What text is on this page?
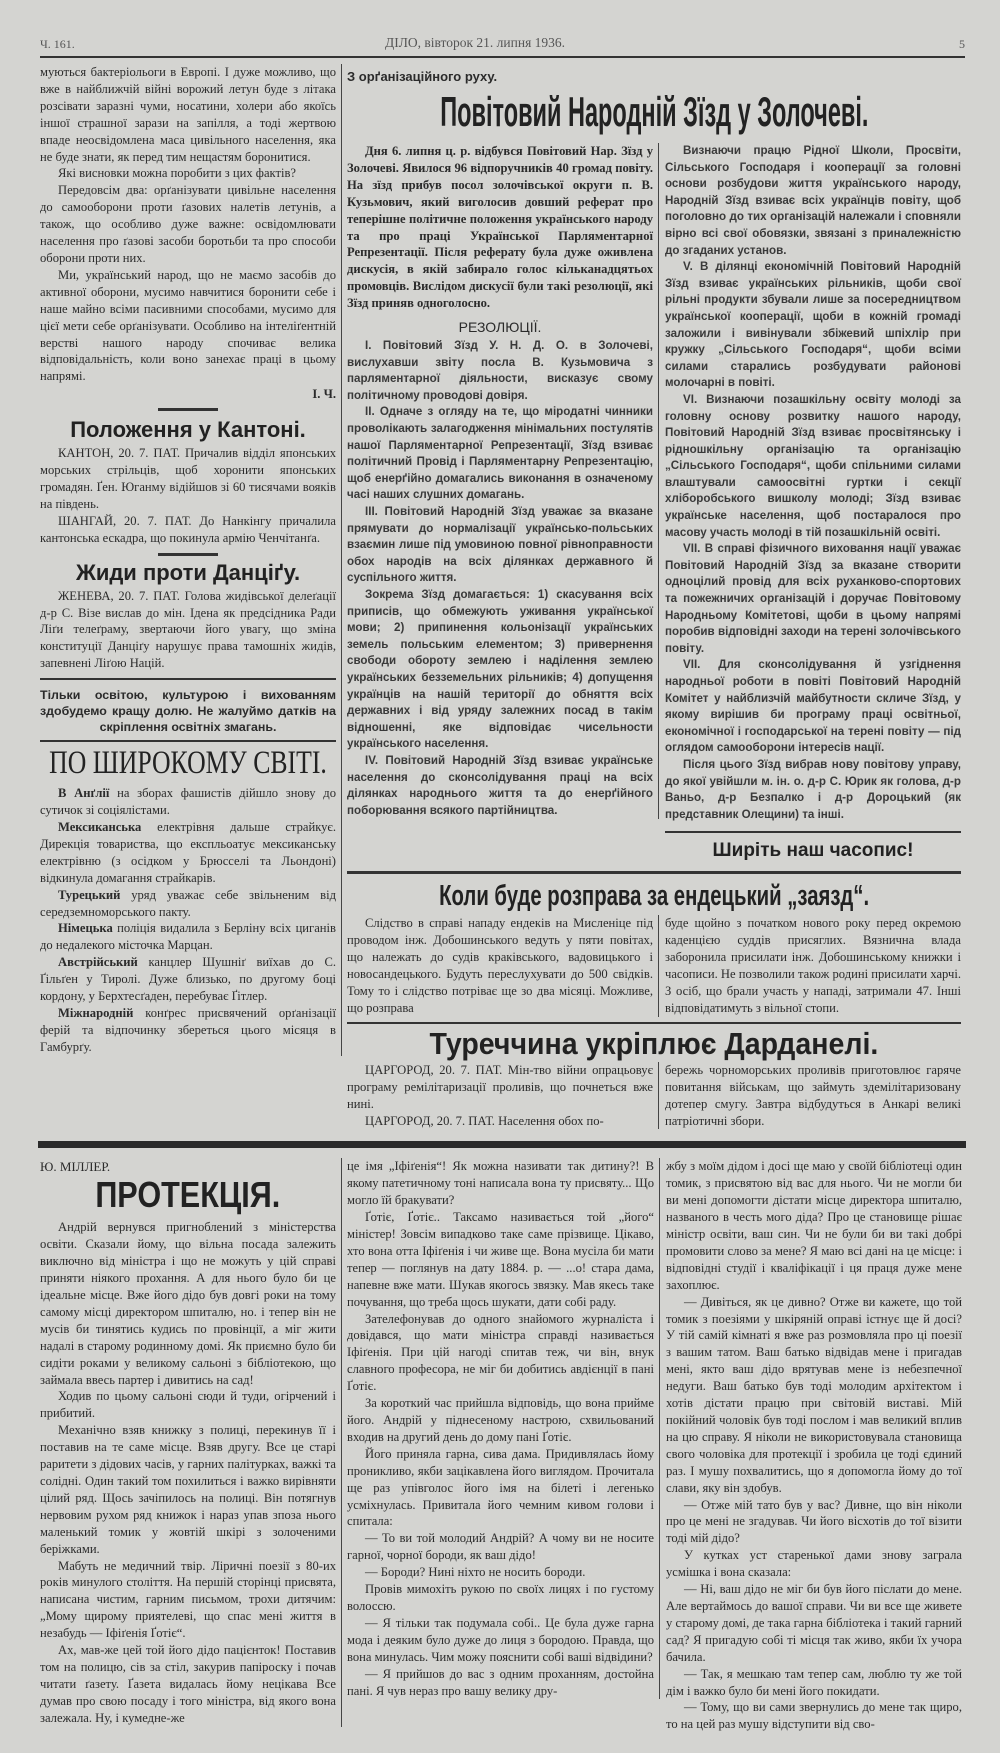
Ч. 161.	ДІЛО, вівторок 21. липня 1936.	5

муються бактеріольоги в Европі. І дуже можливо, що вже в найближчій війні ворожий летун буде з літака розсівати заразні чуми, носатини, холери або якоїсь іншої страшної зарази на запілля, а тоді жертвою впаде неосвідомлена маса цивільного населення, яка не буде знати, як перед тим нещастям боронитися.

Які висновки можна поробити з цих фактів?

Передовсім два: орґанізувати цивільне населення до самооборони проти ґазових налетів летунів, а також, що особливо дуже важне: освідомлювати населення про ґазові засоби боротьби та про способи оборони проти них.

Ми, український народ, що не маємо засобів до активної оборони, мусимо навчитися боронити себе і наше майно всіми пасивними способами, мусимо для цієї мети себе орґанізувати. Особливо на інтеліґентній верстві нашого народу спочиває велика відповідальність, коли воно занехає праці в цьому напрямі.

І. Ч.
Положення у Кантоні.

КАНТОН, 20. 7. ПАТ. Причалив відділ японських морських стрільців, щоб хоронити японських громадян. Ґен. Юганму відійшов зі 60 тисячами вояків на південь.

ШАНГАЙ, 20. 7. ПАТ. До Нанкінгу причалила кантонська ескадра, що покинула армію Ченчітанґа.

Жиди проти Данціґу.

ЖЕНЕВА, 20. 7. ПАТ. Голова жидівської делеґації д-р С. Візе вислав до мін. Ідена як предсідника Ради Ліґи телеґраму, звертаючи його увагу, що зміна конституції Данціґу нарушує права тамошніх жидів, запевнені Ліґою Націй.

Тільки освітою, культурою і вихованням здобудемо кращу долю. Не жалуймо датків на скріплення освітніх змагань.
ПО ШИРОКОМУ СВІТІ.

В Анґлії на зборах фашистів дійшло знову до сутичок зі соціялістами.

Мексиканська електрівня дальше страйкує. Дирекція товариства, що експльоатує мексиканську електрівню (з осідком у Брюсселі та Льондоні) відкинула домагання страйкарів.

Турецький уряд уважає себе звільненим від середземноморського пакту.

Німецька поліція видалила з Берліну всіх циганів до недалекого місточка Марцан.

Австрійський канцлер Шушніґ виїхав до С. Ґільґен у Тиролі. Дуже близько, по другому боці кордону, у Берхтесґаден, перебуває Ґітлер.

Міжнародній конґрес присвячений орґанізації ферій та відпочинку збереться цього місяця в Гамбурґу.

З орґанізаційного руху.
Повітовий Народній Зїзд у Золочеві.

Дня 6. липня ц. р. відбувся Повітовий Нар. Зїзд у Золочеві. Явилося 96 відпоручників 40 громад повіту. На зїзд прибув посол золочівської округи п. В. Кузьмович, який виголосив довший реферат про теперішне політичне положення українського народу та про праці Української Парляментарної Репрезентації. Після реферату була дуже оживлена дискусія, в якій забирало голос кільканадцятьох промовців. Вислідом дискусії були такі резолюції, які Зїзд приняв одноголосно.

РЕЗОЛЮЦІЇ.

І. Повітовий Зїзд У. Н. Д. О. в Золочеві, вислухавши звіту посла В. Кузьмовича з парляментарної діяльности, висказує свому політичному проводові довіря.

ІІ. Одначе з огляду на те, що міродатні чинники проволікають залагодження мінімальних постулятів нашої Парляментарної Репрезентації, Зїзд взиває політичний Провід і Парляментарну Репрезентацію, щоб енерґійно домагались виконання в означеному часі наших слушних домагань.

ІІІ. Повітовий Народній Зїзд уважає за вказане прямувати до нормалізації українсько-польських взаємин лише під умовиною повної рівноправности обох народів на всіх ділянках державного й суспільного життя.

Зокрема Зїзд домагається: 1) скасування всіх приписів, що обмежують уживання української мови; 2) припинення кольонізації українських земель польським елементом; 3) привернення свободи обороту землею і наділення землею українських безземельних рільників; 4) допущення українців на нашій території до обняття всіх державних і від уряду залежних посад в такім відношенні, яке відповідає чисельности українського населення.

IV. Повітовий Народній Зїзд взиває українське населення до сконсолідування праці на всіх ділянках народнього життя та до енерґійного поборювання всякого партійництва.

Визнаючи працю Рідної Школи, Просвіти, Сільського Господаря і кооперації за головні основи розбудови життя українського народу, Народній Зїзд взиває всіх українців повіту, щоб поголовно до тих організацій належали і сповняли вірно всі свої обовязки, звязані з приналежністю до згаданих установ.

V. В ділянці економічній Повітовий Народній Зїзд взиває українських рільників, щоби свої рільні продукти збували лише за посередництвом української кооперації, щоби в кожній громаді заложили і вивінували збіжевий шпіхлір при кружку „Сільського Господаря“, щоби всіми силами старались розбудувати районові молочарні в повіті.

VI. Визнаючи позашкільну освіту молоді за головну основу розвитку нашого народу, Повітовий Народній Зїзд взиває просвітянську і рідношкільну організацію та організацію „Сільського Господаря“, щоби спільними силами влаштували самоосвітні гуртки і секції хліборобського вишколу молоді; Зїзд взиває українське населення, щоб постаралося про масову участь молоді в тій позашкільній освіті.

VII. В справі фізичного виховання нації уважає Повітовий Народній Зїзд за вказане створити одноцілий провід для всіх руханково-спортових та пожежничих організацій і доручає Повітовому Народньому Комітетові, щоби в цьому напрямі поробив відповідні заходи на терені золочівського повіту.

VII. Для сконсолідування й узгіднення народньої роботи в повіті Повітовий Народній Комітет у найблизчій майбутности скличе Зїзд, у якому вирішив би програму праці освітньої, економічної і господарської на терені повіту — під оглядом самооборони інтересів нації.

Після цього Зїзд вибрав нову повітову управу, до якої увійшли м. ін. о. д-р С. Юрик як голова, д-р Ваньо, д-р Безпалко і д-р Дороцький (як представник Олещини) та інші.

Ширіть наш часопис!
Коли буде розправа за ендецький „заязд“.

Слідство в справі нападу ендеків на Мисленіце під проводом інж. Добошинського ведуть у пяти повітах, що належать до судів краківського, вадовицького і новосандецького. Будуть переслухувати до 500 свідків. Тому то і слідство потріває ще зо два місяці. Можливе, що розправа

буде щойно з початком нового року перед окремою каденцією суддів присяглих. Вязнична влада заборонила присилати інж. Добошинському книжки і часописи. Не позволили також родині присилати харчі. З осіб, що брали участь у нападі, затримали 47. Інші відповідатимуть з вільної стопи.

Туреччина укріплює Дарданелі.

ЦАРГОРОД, 20. 7. ПАТ. Мін-тво війни опрацьовує програму ремілітаризації проливів, що почнеться вже нині.

ЦАРГОРОД, 20. 7. ПАТ. Населення обох по-

бережь чорноморських проливів приготовлює гаряче повитання військам, що займуть здемілітаризовану дотепер смугу. Завтра відбудуться в Анкарі великі патріотичні збори.

Ю. МІЛЛЕР.
ПРОТЕКЦІЯ.

Андрій вернувся пригноблений з міністерства освіти. Сказали йому, що вільна посада залежить виключно від міністра і що не можуть у цій справі приняти ніякого прохання. А для нього було би це ідеальне місце. Вже його дідо був довгі роки на тому самому місці директором шпиталю, но. і тепер він не мусів би тинятись кудись по провінції, а міг жити надалі в старому родинному домі. Як приємно було би сидіти роками у великому сальоні з бібліотекою, що займала ввесь партер і дивитись на сад!

Ходив по цьому сальоні сюди й туди, огірчений і прибитий.

Механічно взяв книжку з полиці, перекинув її і поставив на те саме місце. Взяв другу. Все це старі раритети з дідових часів, у гарних палітурках, важкі та солідні. Один такий том похилиться і важко вирівняти цілий ряд. Щось зачіпилось на полиці. Він потягнув нервовим рухом ряд книжок і нараз упав зпоза нього маленький томик у жовтій шкірі з золоченими беріжками.

Мабуть не медичний твір. Ліричні поезії з 80-их років минулого століття. На першій сторінці присвята, написана чистим, гарним письмом, трохи дитячим: „Мому щирому приятелеві, що спас мені життя в незабудь — Іфіґенія Ґотіє“.

Ах, мав-же цей той його дідо пацієнток! Поставив том на полицю, сів за стіл, закурив папіроску і почав читати ґазету. Ґазета видалась йому нецікава Все думав про свою посаду і того міністра, від якого вона залежала. Ну, і кумедне-же

це імя „Іфіґенія“! Як можна називати так дитину?! В якому патетичному тоні написала вона ту присвяту... Що могло їй бракувати?

Ґотіє, Ґотіє.. Таксамо називається той „його“ міністер! Зовсім випадково таке саме прізвище. Цікаво, хто вона отта Іфіґенія і чи живе ще. Вона мусіла би мати тепер — поглянув на дату 1884. р. — ...о! стара дама, напевне вже мати. Шукав якогось звязку. Мав якесь таке почування, що треба щось шукати, дати собі раду.

Зателефонував до одного знайомого журналіста і довідався, що мати міністра справді називається Іфіґенія. При цій нагоді спитав теж, чи він, внук славного професора, не міг би добитись авдієнції в пані Ґотіє.

За короткий час прийшла відповідь, що вона прийме його. Андрій у піднесеному настрою, схвильований входив на другий день до дому пані Ґотіє.

Його приняла гарна, сива дама. Придивлялась йому проникливо, якби зацікавлена його виглядом. Прочитала ще раз упівголос його імя на білеті і легенько усміхнулась. Привитала його чемним кивом голови і спитала:

— То ви той молодий Андрій? А чому ви не носите гарної, чорної бороди, як ваш дідо!

— Бороди? Нині ніхто не носить бороди.

Провів мимохіть рукою по своїх лицях і по густому волоссю.

— Я тільки так подумала собі.. Це була дуже гарна мода і деяким було дуже до лиця з бородою. Правда, що вона минулась. Чим можу пояснити собі ваші відвідини?

— Я прийшов до вас з одним проханням, достойна пані. Я чув нераз про вашу велику дру-

жбу з моїм дідом і досі ще маю у своїй бібліотеці один томик, з присвятою від вас для нього. Чи не могли би ви мені допомогти дістати місце директора шпиталю, названого в честь мого діда? Про це становище рішає міністр освіти, ваш син. Чи не були би ви такі добрі промовити слово за мене? Я маю всі дані на це місце: і відповідні студії і кваліфікації і ця праця дуже мене захоплює.

— Дивіться, як це дивно? Отже ви кажете, що той томик з поезіями у шкіряній оправі істнує ще й досі? У тій самій кімнаті я вже раз розмовляла про ці поезії з вашим татом. Ваш батько відвідав мене і пригадав мені, якто ваш дідо врятував мене із небезпечної недуги. Ваш батько був тоді молодим архітектом і хотів дістати працю при світовій виставі. Мій покійний чоловік був тоді послом і мав великий вплив на цю справу. Я ніколи не використовувала становища свого чоловіка для протекції і зробила це тоді єдиний раз. І мушу похвалитись, що я допомогла йому до тої слави, яку він здобув.

— Отже мій тато був у вас? Дивне, що він ніколи про це мені не згадував. Чи його вісхотів до тої візити тоді мій дідо?

У кутках уст старенької дами знову заграла усмішка і вона сказала:

— Ні, ваш дідо не міг би був його післати до мене. Але вертаймось до вашої справи. Чи ви все ще живете у старому домі, де така гарна бібліотека і такий гарний сад? Я пригадую собі ті місця так живо, якби їх учора бачила.

— Так, я мешкаю там тепер сам, люблю ту же той дім і важко було би мені його покидати.

— Тому, що ви сами звернулись до мене так щиро, то на цей раз мушу відступити від сво-
